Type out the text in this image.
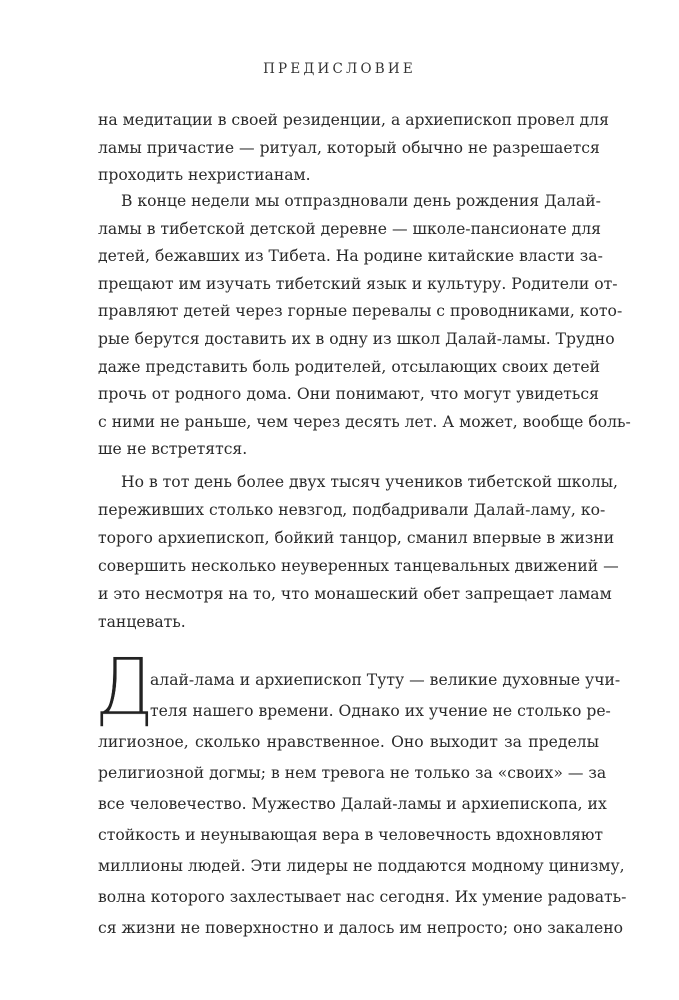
ПРЕДИСЛОВИЕ
на медитации в своей резиденции, а архиепископ провел для
ламы причастие — ритуал, который обычно не разрешается
проходить нехристианам.
В конце недели мы отпраздновали день рождения Далай-
ламы в тибетской детской деревне — школе-пансионате для
детей, бежавших из Тибета. На родине китайские власти за-
прещают им изучать тибетский язык и культуру. Родители от-
правляют детей через горные перевалы с проводниками, кото-
рые берутся доставить их в одну из школ Далай-ламы. Трудно
даже представить боль родителей, отсылающих своих детей
прочь от родного дома. Они понимают, что могут увидеться
с ними не раньше, чем через десять лет. А может, вообще боль-
ше не встретятся.
Но в тот день более двух тысяч учеников тибетской школы,
переживших столько невзгод, подбадривали Далай-ламу, ко-
торого архиепископ, бойкий танцор, сманил впервые в жизни
совершить несколько неуверенных танцевальных движений —
и это несмотря на то, что монашеский обет запрещает ламам
танцевать.
Д
алай-лама и архиепископ Туту — великие духовные учи-
теля нашего времени. Однако их учение не столько ре-
лигиозное, сколько нравственное. Оно выходит за пределы
религиозной догмы; в нем тревога не только за «своих» — за
все человечество. Мужество Далай-ламы и архиепископа, их
стойкость и неунывающая вера в человечность вдохновляют
миллионы людей. Эти лидеры не поддаются модному цинизму,
волна которого захлестывает нас сегодня. Их умение радовать-
ся жизни не поверхностно и далось им непросто; оно закалено
